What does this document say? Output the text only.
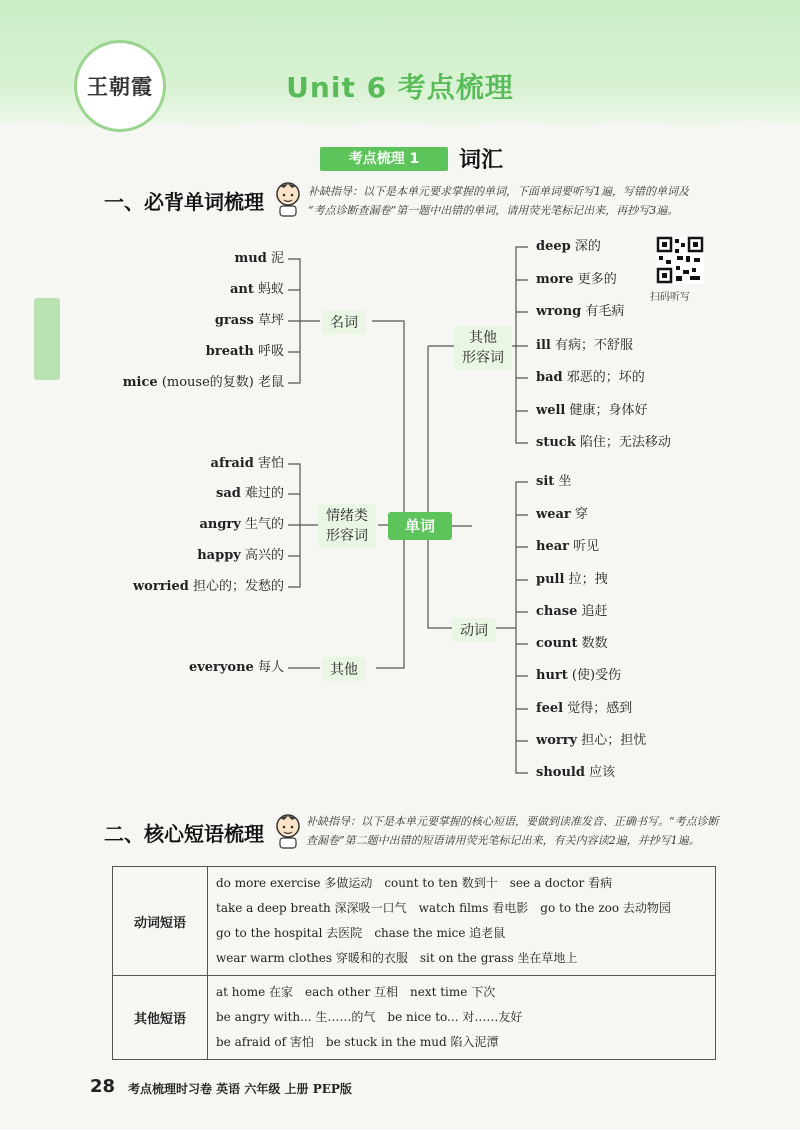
王朝霞	Unit 6 考点梳理
考点梳理 1	词汇
一、必背单词梳理	补缺指导：以下是本单元要求掌握的单词，下面单词要听写1遍，写错的单词及
“考点诊断查漏卷”第一题中出错的单词，请用荧光笔标记出来，再抄写3遍。
扫码听写
mud 泥
ant 蚂蚁
grass 草坪
breath 呼吸
mice (mouse的复数) 老鼠
名词
afraid 害怕
sad 难过的
angry 生气的
happy 高兴的
worried 担心的；发愁的
情绪类
形容词
everyone 每人	其他
单词
其他
形容词
deep 深的
more 更多的
wrong 有毛病
ill 有病；不舒服
bad 邪恶的；坏的
well 健康；身体好
stuck 陷住；无法移动
动词
sit 坐
wear 穿
hear 听见
pull 拉；拽
chase 追赶
count 数数
hurt (使)受伤
feel 觉得；感到
worry 担心；担忧
should 应该
二、核心短语梳理
补缺指导：以下是本单元要掌握的核心短语，要做到读准发音、正确书写。“考点诊断
查漏卷”第二题中出错的短语请用荧光笔标记出来，有关内容读2遍，并抄写1遍。
动词短语	do more exercise 多做运动 count to ten 数到十 see a doctor 看病
take a deep breath 深深吸一口气 watch films 看电影 go to the zoo 去动物园
go to the hospital 去医院 chase the mice 追老鼠
wear warm clothes 穿暖和的衣服 sit on the grass 坐在草地上

其他短语	at home 在家 each other 互相 next time 下次
be angry with... 生……的气 be nice to... 对……友好
be afraid of 害怕 be stuck in the mud 陷入泥潭
28 考点梳理时习卷 英语 六年级 上册 PEP版
